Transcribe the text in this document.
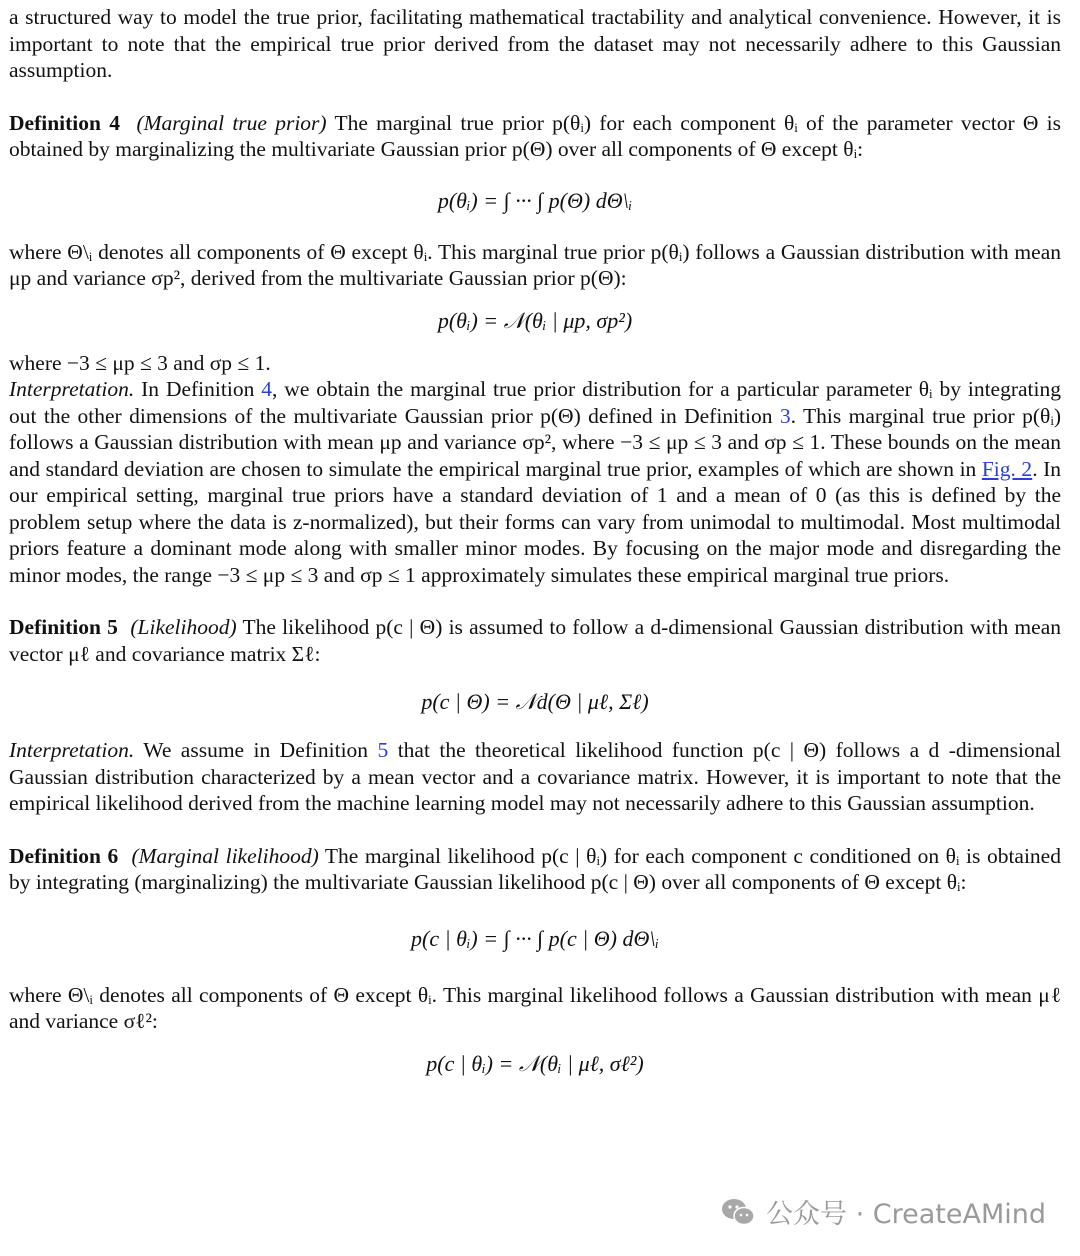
a structured way to model the true prior, facilitating mathematical tractability and analytical convenience. However, it is important to note that the empirical true prior derived from the dataset may not necessarily adhere to this Gaussian assumption.

Definition 4 (Marginal true prior) The marginal true prior p(θᵢ) for each component θᵢ of the parameter vector Θ is obtained by marginalizing the multivariate Gaussian prior p(Θ) over all components of Θ except θᵢ:

p(θᵢ) = ∫ ··· ∫ p(Θ) dΘ\ᵢ

where Θ\ᵢ denotes all components of Θ except θᵢ. This marginal true prior p(θᵢ) follows a Gaussian distribution with mean μp and variance σp², derived from the multivariate Gaussian prior p(Θ):

p(θᵢ) = 𝒩(θᵢ | μp, σp²)

where −3 ≤ μp ≤ 3 and σp ≤ 1.

Interpretation. In Definition 4, we obtain the marginal true prior distribution for a particular parameter θᵢ by integrating out the other dimensions of the multivariate Gaussian prior p(Θ) defined in Definition 3. This marginal true prior p(θᵢ) follows a Gaussian distribution with mean μp and variance σp², where −3 ≤ μp ≤ 3 and σp ≤ 1. These bounds on the mean and standard deviation are chosen to simulate the empirical marginal true prior, examples of which are shown in Fig. 2. In our empirical setting, marginal true priors have a standard deviation of 1 and a mean of 0 (as this is defined by the problem setup where the data is z-normalized), but their forms can vary from unimodal to multimodal. Most multimodal priors feature a dominant mode along with smaller minor modes. By focusing on the major mode and disregarding the minor modes, the range −3 ≤ μp ≤ 3 and σp ≤ 1 approximately simulates these empirical marginal true priors.

Definition 5 (Likelihood) The likelihood p(c | Θ) is assumed to follow a d-dimensional Gaussian distribution with mean vector μℓ and covariance matrix Σℓ:

p(c | Θ) = 𝒩d(Θ | μℓ, Σℓ)

Interpretation. We assume in Definition 5 that the theoretical likelihood function p(c | Θ) follows a d -dimensional Gaussian distribution characterized by a mean vector and a covariance matrix. However, it is important to note that the empirical likelihood derived from the machine learning model may not necessarily adhere to this Gaussian assumption.

Definition 6 (Marginal likelihood) The marginal likelihood p(c | θᵢ) for each component c conditioned on θᵢ is obtained by integrating (marginalizing) the multivariate Gaussian likelihood p(c | Θ) over all components of Θ except θᵢ:

p(c | θᵢ) = ∫ ··· ∫ p(c | Θ) dΘ\ᵢ

where Θ\ᵢ denotes all components of Θ except θᵢ. This marginal likelihood follows a Gaussian distribution with mean μℓ and variance σℓ²:

p(c | θᵢ) = 𝒩(θᵢ | μℓ, σℓ²)
公众号 · CreateAMind
